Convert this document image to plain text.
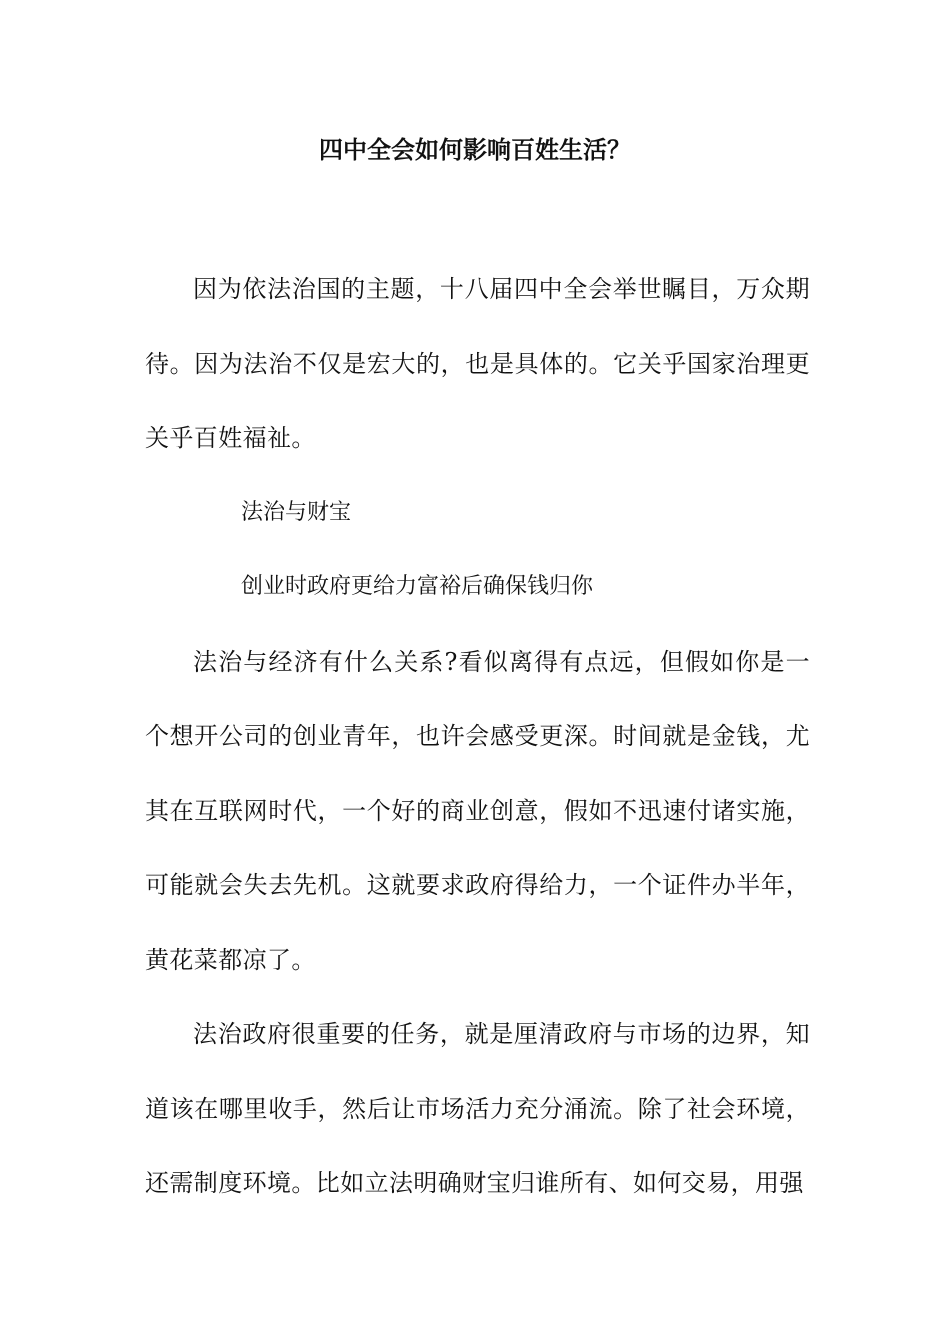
四中全会如何影响百姓生活？

因为依法治国的主题，十八届四中全会举世瞩目，万众期待。因为法治不仅是宏大的，也是具体的。它关乎国家治理更关乎百姓福祉。

法治与财宝

创业时政府更给力富裕后确保钱归你

法治与经济有什么关系?看似离得有点远，但假如你是一个想开公司的创业青年，也许会感受更深。时间就是金钱，尤其在互联网时代，一个好的商业创意，假如不迅速付诸实施，可能就会失去先机。这就要求政府得给力，一个证件办半年，黄花菜都凉了。

法治政府很重要的任务，就是厘清政府与市场的边界，知道该在哪里收手，然后让市场活力充分涌流。除了社会环境，还需制度环境。比如立法明确财宝归谁所有、如何交易，用强
